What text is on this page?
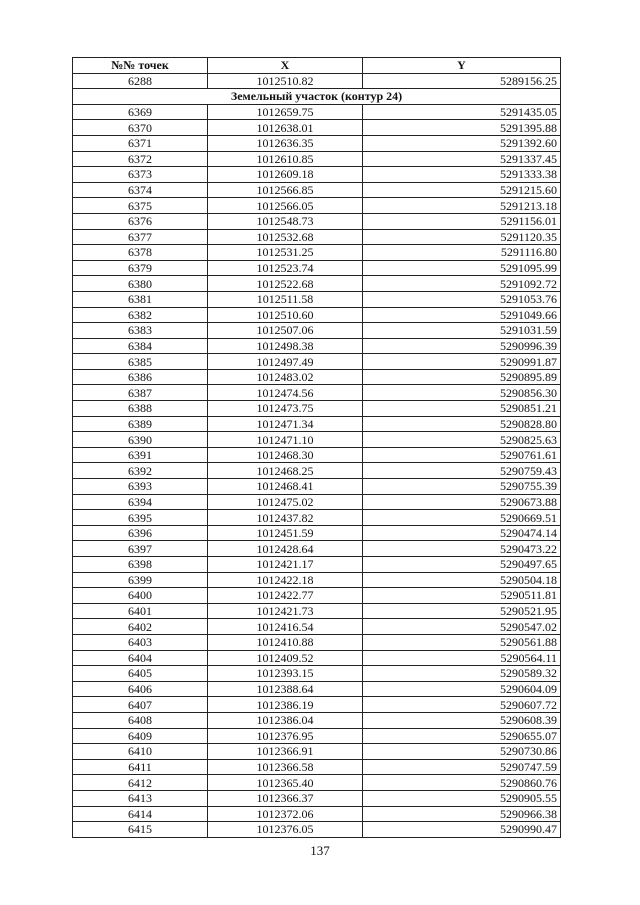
№№ точек	X	Y
6288	1012510.82	5289156.25
Земельный участок (контур 24)		
6369	1012659.75	5291435.05
6370	1012638.01	5291395.88
6371	1012636.35	5291392.60
6372	1012610.85	5291337.45
6373	1012609.18	5291333.38
6374	1012566.85	5291215.60
6375	1012566.05	5291213.18
6376	1012548.73	5291156.01
6377	1012532.68	5291120.35
6378	1012531.25	5291116.80
6379	1012523.74	5291095.99
6380	1012522.68	5291092.72
6381	1012511.58	5291053.76
6382	1012510.60	5291049.66
6383	1012507.06	5291031.59
6384	1012498.38	5290996.39
6385	1012497.49	5290991.87
6386	1012483.02	5290895.89
6387	1012474.56	5290856.30
6388	1012473.75	5290851.21
6389	1012471.34	5290828.80
6390	1012471.10	5290825.63
6391	1012468.30	5290761.61
6392	1012468.25	5290759.43
6393	1012468.41	5290755.39
6394	1012475.02	5290673.88
6395	1012437.82	5290669.51
6396	1012451.59	5290474.14
6397	1012428.64	5290473.22
6398	1012421.17	5290497.65
6399	1012422.18	5290504.18
6400	1012422.77	5290511.81
6401	1012421.73	5290521.95
6402	1012416.54	5290547.02
6403	1012410.88	5290561.88
6404	1012409.52	5290564.11
6405	1012393.15	5290589.32
6406	1012388.64	5290604.09
6407	1012386.19	5290607.72
6408	1012386.04	5290608.39
6409	1012376.95	5290655.07
6410	1012366.91	5290730.86
6411	1012366.58	5290747.59
6412	1012365.40	5290860.76
6413	1012366.37	5290905.55
6414	1012372.06	5290966.38
6415	1012376.05	5290990.47
137
